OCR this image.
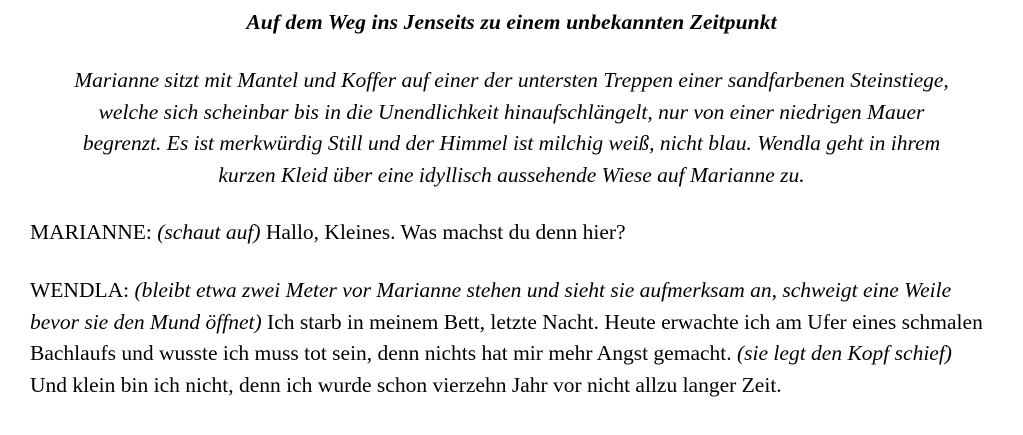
Auf dem Weg ins Jenseits zu einem unbekannten Zeitpunkt

Marianne sitzt mit Mantel und Koffer auf einer der untersten Treppen einer sandfarbenen Steinstiege, welche sich scheinbar bis in die Unendlichkeit hinaufschlängelt, nur von einer niedrigen Mauer begrenzt. Es ist merkwürdig Still und der Himmel ist milchig weiß, nicht blau. Wendla geht in ihrem kurzen Kleid über eine idyllisch aussehende Wiese auf Marianne zu.

MARIANNE: (schaut auf) Hallo, Kleines. Was machst du denn hier?

WENDLA: (bleibt etwa zwei Meter vor Marianne stehen und sieht sie aufmerksam an, schweigt eine Weile bevor sie den Mund öffnet) Ich starb in meinem Bett, letzte Nacht. Heute erwachte ich am Ufer eines schmalen Bachlaufs und wusste ich muss tot sein, denn nichts hat mir mehr Angst gemacht. (sie legt den Kopf schief) Und klein bin ich nicht, denn ich wurde schon vierzehn Jahr vor nicht allzu langer Zeit.
